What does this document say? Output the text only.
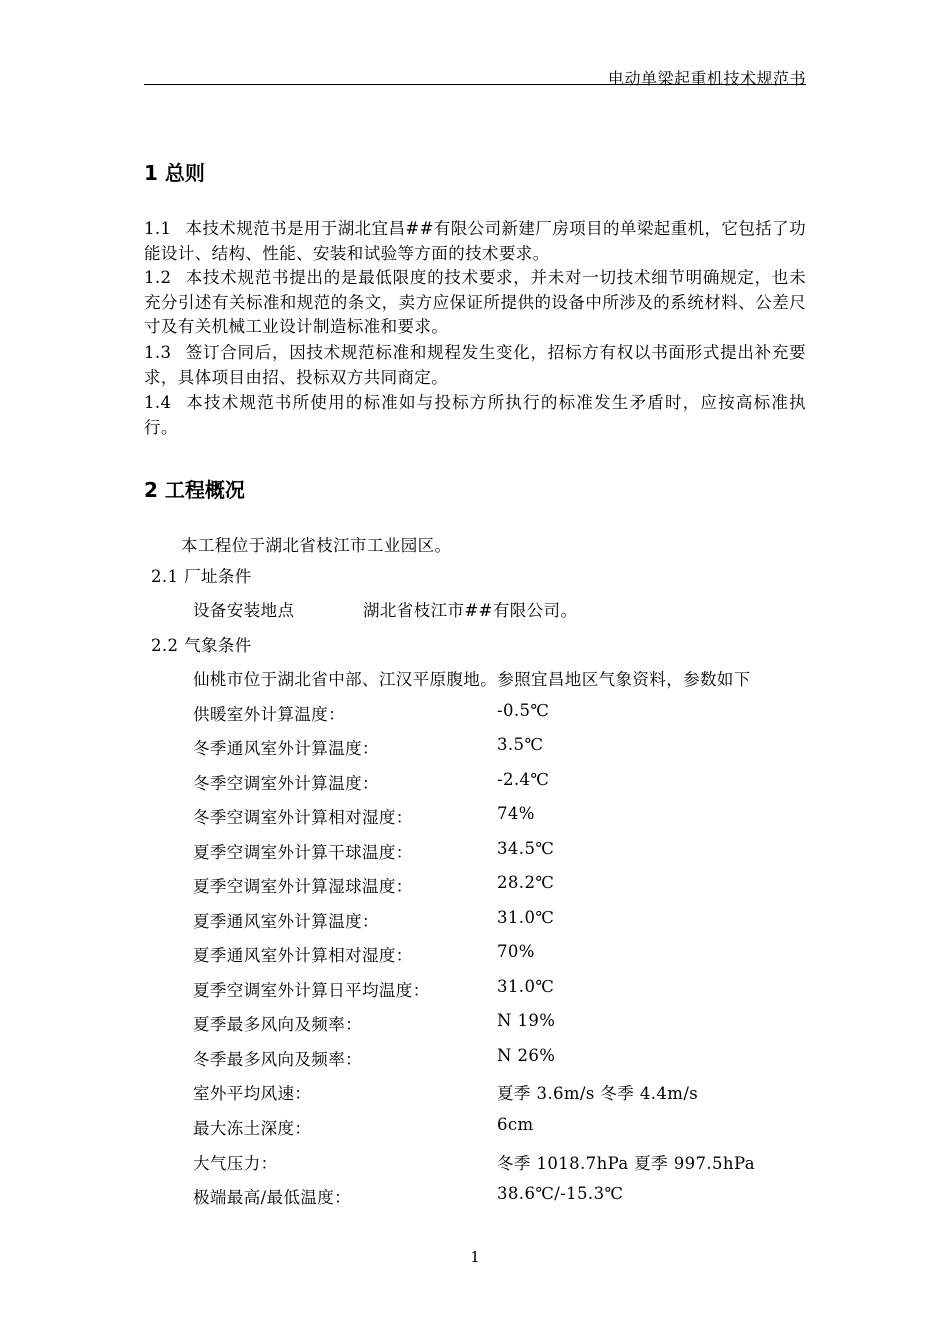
电动单梁起重机技术规范书
1 总则
1.1 本技术规范书是用于湖北宜昌##有限公司新建厂房项目的单梁起重机，它包括了功能设计、结构、性能、安装和试验等方面的技术要求。
1.2 本技术规范书提出的是最低限度的技术要求，并未对一切技术细节明确规定，也未充分引述有关标准和规范的条文，卖方应保证所提供的设备中所涉及的系统材料、公差尺寸及有关机械工业设计制造标准和要求。
1.3 签订合同后，因技术规范标准和规程发生变化，招标方有权以书面形式提出补充要求，具体项目由招、投标双方共同商定。
1.4 本技术规范书所使用的标准如与投标方所执行的标准发生矛盾时，应按高标准执行。
2 工程概况
本工程位于湖北省枝江市工业园区。
2.1 厂址条件
设备安装地点	湖北省枝江市##有限公司。
2.2 气象条件
仙桃市位于湖北省中部、江汉平原腹地。参照宜昌地区气象资料，参数如下
供暖室外计算温度：	-0.5℃
冬季通风室外计算温度：	3.5℃
冬季空调室外计算温度：	-2.4℃
冬季空调室外计算相对湿度：	74%
夏季空调室外计算干球温度：	34.5℃
夏季空调室外计算湿球温度：	28.2℃
夏季通风室外计算温度：	31.0℃
夏季通风室外计算相对湿度：	70%
夏季空调室外计算日平均温度：	31.0℃
夏季最多风向及频率：	N 19%
冬季最多风向及频率：	N 26%
室外平均风速：	夏季 3.6m/s 冬季 4.4m/s
最大冻土深度：	6cm
大气压力：	冬季 1018.7hPa 夏季 997.5hPa
极端最高/最低温度：	38.6℃/-15.3℃
1
